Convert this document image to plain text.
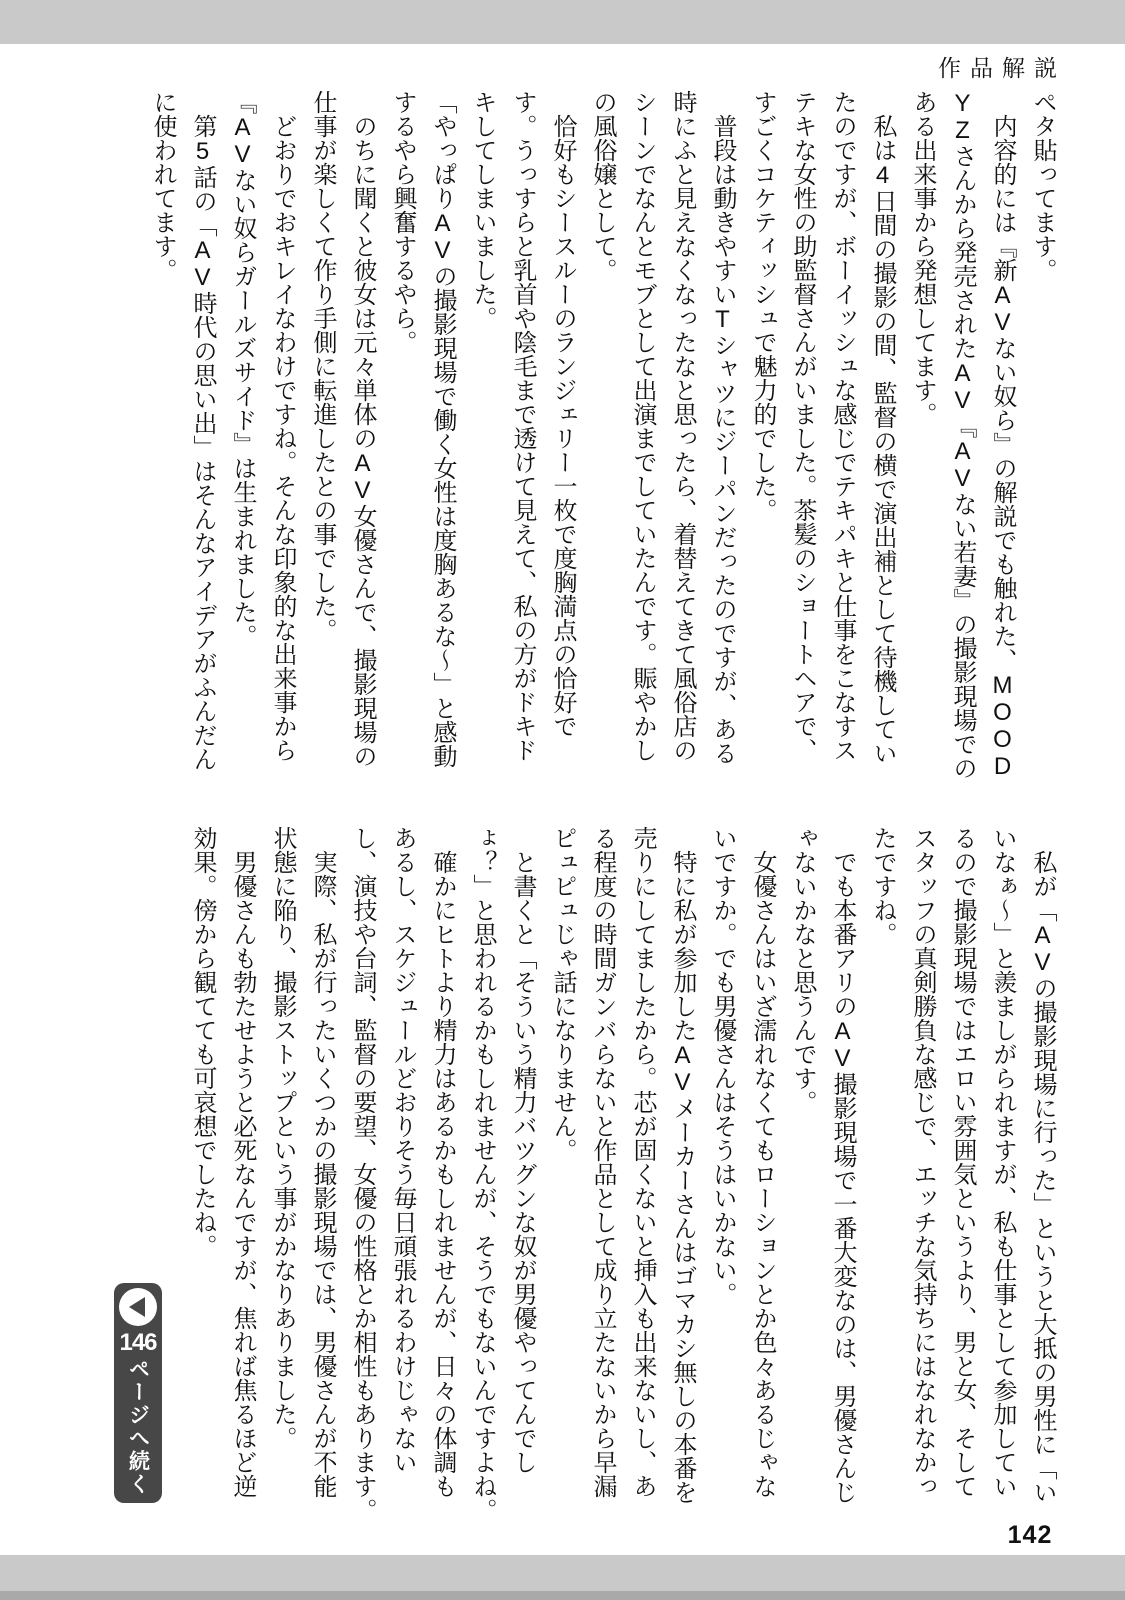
作品解説
ペタ貼ってます。
　内容的には『新AVない奴ら』の解説でも触れた、MOOD
YZさんから発売されたAV『AVない若妻』の撮影現場での
ある出来事から発想してます。
　私は4日間の撮影の間、監督の横で演出補として待機してい
たのですが、ボーイッシュな感じでテキパキと仕事をこなすス
テキな女性の助監督さんがいました。茶髪のショートヘアで、
すごくコケティッシュで魅力的でした。
　普段は動きやすいTシャツにジーパンだったのですが、ある
時にふと見えなくなったなと思ったら、着替えてきて風俗店の
シーンでなんとモブとして出演までしていたんです。賑やかし
の風俗嬢として。
　恰好もシースルーのランジェリー一枚で度胸満点の恰好で
す。うっすらと乳首や陰毛まで透けて見えて、私の方がドキド
キしてしまいました。
「やっぱりAVの撮影現場で働く女性は度胸あるな〜」と感動
するやら興奮するやら。
　のちに聞くと彼女は元々単体のAV女優さんで、撮影現場の
仕事が楽しくて作り手側に転進したとの事でした。
　どおりでおキレイなわけですね。そんな印象的な出来事から
『AVない奴らガールズサイド』は生まれました。
　第5話の「AV時代の思い出」はそんなアイデアがふんだん
に使われてます。
　私が「AVの撮影現場に行った」というと大抵の男性に「い
いなぁ〜」と羨ましがられますが、私も仕事として参加してい
るので撮影現場ではエロい雰囲気というより、男と女、そして
スタッフの真剣勝負な感じで、エッチな気持ちにはなれなかっ
たですね。
　でも本番アリのAV撮影現場で一番大変なのは、男優さんじ
ゃないかなと思うんです。
　女優さんはいざ濡れなくてもローションとか色々あるじゃな
いですか。でも男優さんはそうはいかない。
　特に私が参加したAVメーカーさんはゴマカシ無しの本番を
売りにしてましたから。芯が固くないと挿入も出来ないし、あ
る程度の時間ガンバらないと作品として成り立たないから早漏
ピュピュじゃ話になりません。
　と書くと「そういう精力バツグンな奴が男優やってんでし
ょ？」と思われるかもしれませんが、そうでもないんですよね。
　確かにヒトより精力はあるかもしれませんが、日々の体調も
あるし、スケジュールどおりそう毎日頑張れるわけじゃない
し、演技や台詞、監督の要望、女優の性格とか相性もあります。
　実際、私が行ったいくつかの撮影現場では、男優さんが不能
状態に陥り、撮影ストップという事がかなりありました。
　男優さんも勃たせようと必死なんですが、焦れば焦るほど逆
効果。傍から観てても可哀想でしたね。
146
ページへ続く
142
